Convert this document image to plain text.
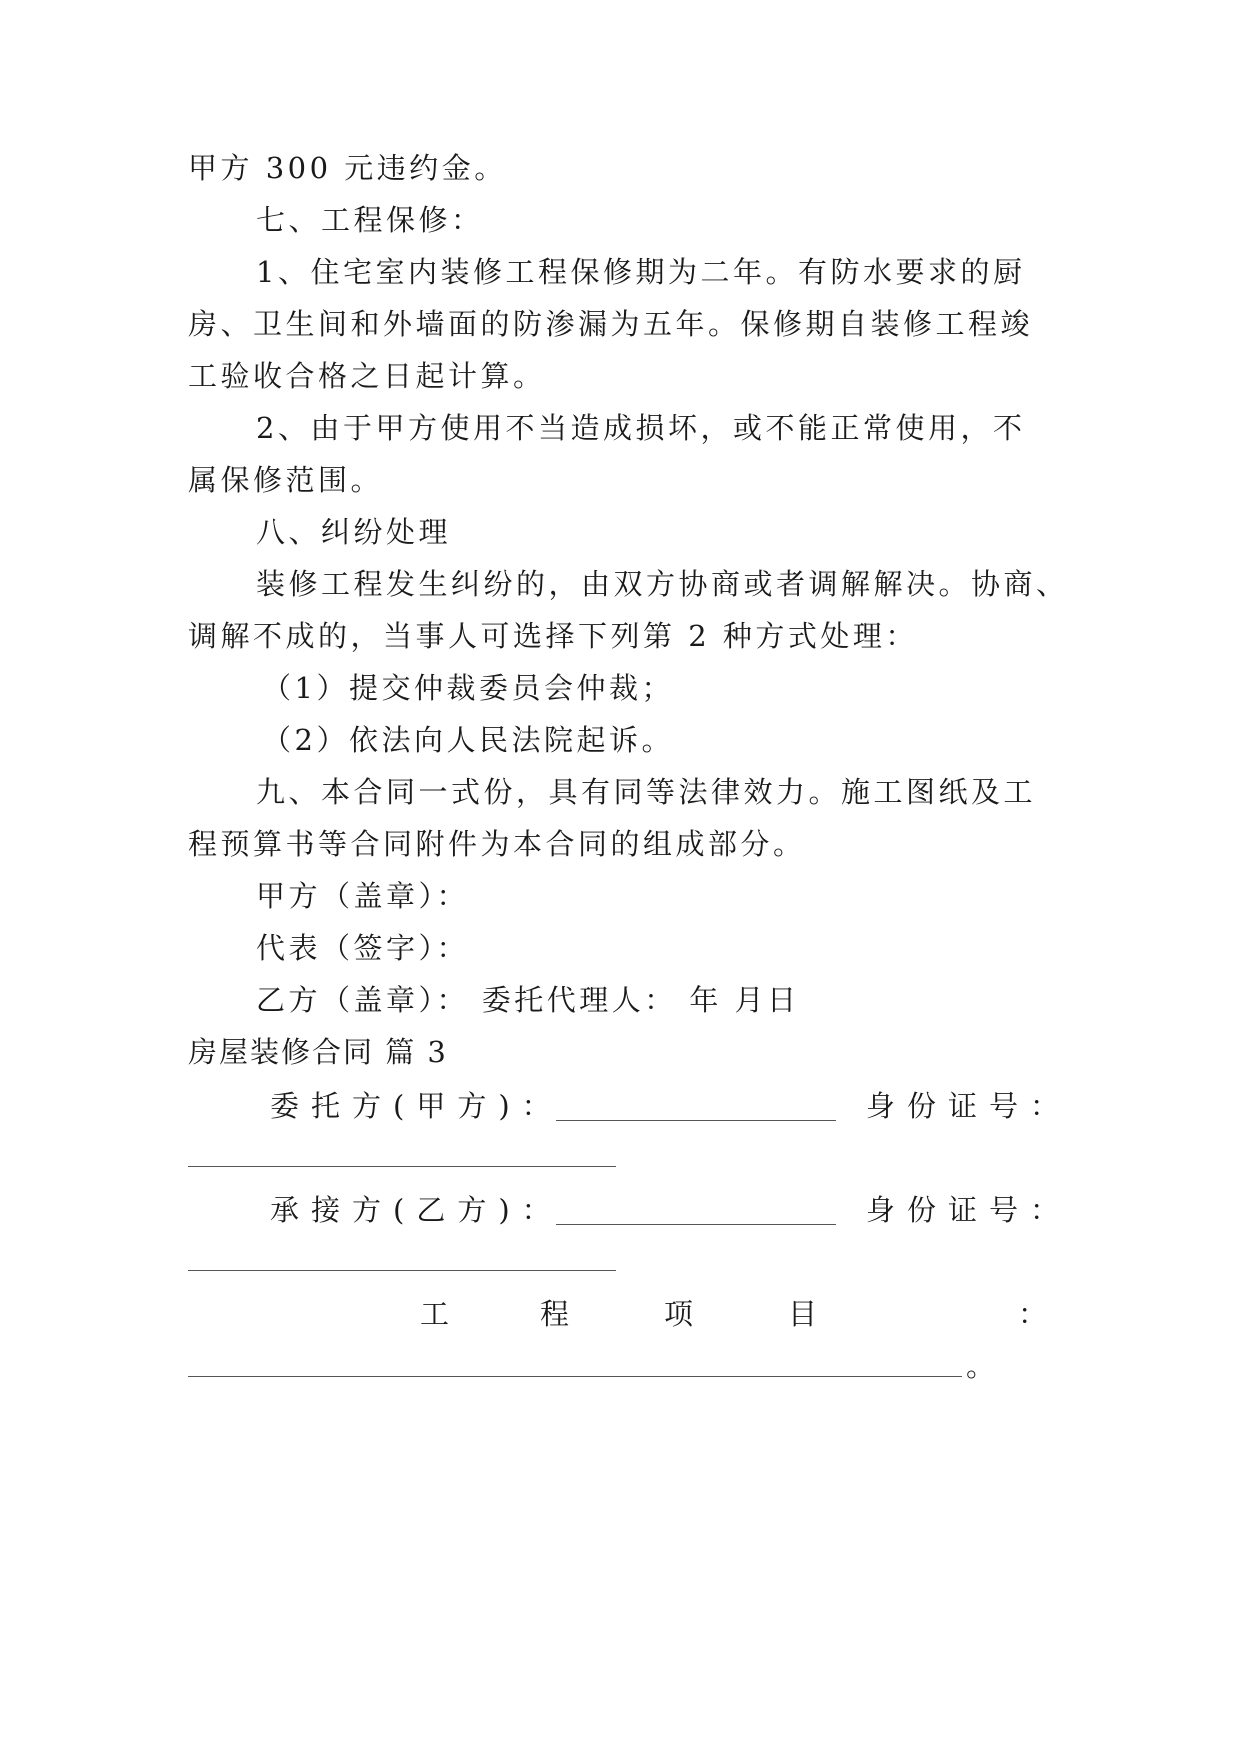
甲方 300 元违约金。
七、工程保修：
1、住宅室内装修工程保修期为二年。有防水要求的厨
房、卫生间和外墙面的防渗漏为五年。保修期自装修工程竣
工验收合格之日起计算。
2、由于甲方使用不当造成损坏，或不能正常使用，不
属保修范围。
八、纠纷处理
装修工程发生纠纷的，由双方协商或者调解解决。协商、
调解不成的，当事人可选择下列第 2 种方式处理：
（1）提交仲裁委员会仲裁；
（2）依法向人民法院起诉。
九、本合同一式份，具有同等法律效力。施工图纸及工
程预算书等合同附件为本合同的组成部分。
甲方（盖章）：
代表（签字）：
乙方（盖章）： 委托代理人： 年 月日
房屋装修合同 篇 3
委托方(甲方)：	身份证号：
承接方(乙方)：	身份证号：
工	程	项	目	：
。
